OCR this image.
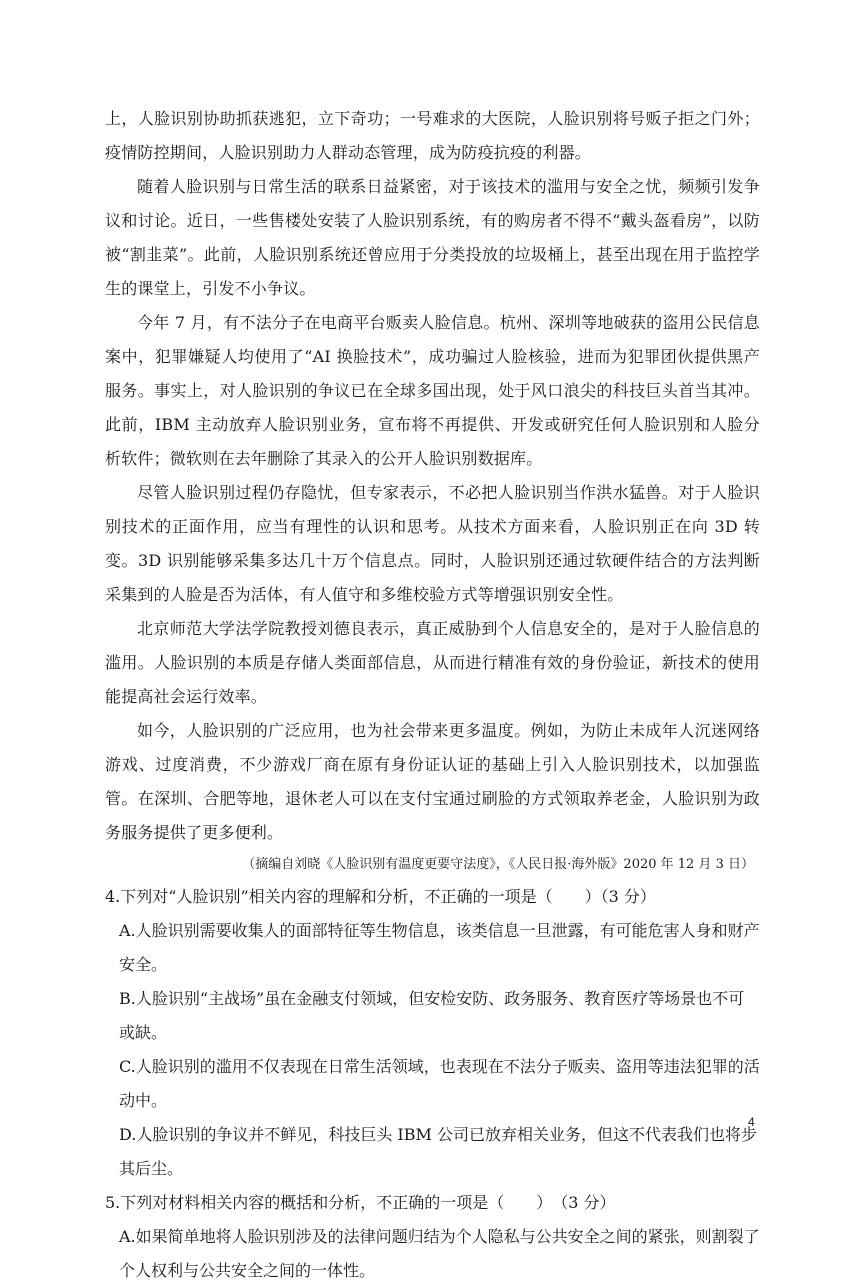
上，人脸识别协助抓获逃犯，立下奇功；一号难求的大医院，人脸识别将号贩子拒之门外；疫情防控期间，人脸识别助力人群动态管理，成为防疫抗疫的利器。

随着人脸识别与日常生活的联系日益紧密，对于该技术的滥用与安全之忧，频频引发争议和讨论。近日，一些售楼处安装了人脸识别系统，有的购房者不得不“戴头盔看房”，以防被“割韭菜”。此前，人脸识别系统还曾应用于分类投放的垃圾桶上，甚至出现在用于监控学生的课堂上，引发不小争议。

今年 7 月，有不法分子在电商平台贩卖人脸信息。杭州、深圳等地破获的盗用公民信息案中，犯罪嫌疑人均使用了“AI 换脸技术”，成功骗过人脸核验，进而为犯罪团伙提供黑产服务。事实上，对人脸识别的争议已在全球多国出现，处于风口浪尖的科技巨头首当其冲。此前，IBM 主动放弃人脸识别业务，宣布将不再提供、开发或研究任何人脸识别和人脸分析软件；微软则在去年删除了其录入的公开人脸识别数据库。

尽管人脸识别过程仍存隐忧，但专家表示，不必把人脸识别当作洪水猛兽。对于人脸识别技术的正面作用，应当有理性的认识和思考。从技术方面来看，人脸识别正在向 3D 转变。3D 识别能够采集多达几十万个信息点。同时，人脸识别还通过软硬件结合的方法判断采集到的人脸是否为活体，有人值守和多维校验方式等增强识别安全性。

北京师范大学法学院教授刘德良表示，真正威胁到个人信息安全的，是对于人脸信息的滥用。人脸识别的本质是存储人类面部信息，从而进行精准有效的身份验证，新技术的使用能提高社会运行效率。

如今，人脸识别的广泛应用，也为社会带来更多温度。例如，为防止未成年人沉迷网络游戏、过度消费，不少游戏厂商在原有身份证认证的基础上引入人脸识别技术，以加强监管。在深圳、合肥等地，退休老人可以在支付宝通过刷脸的方式领取养老金，人脸识别为政务服务提供了更多便利。

（摘编自刘晓《人脸识别有温度更要守法度》，《人民日报·海外版》2020 年 12 月 3 日）

4.下列对“人脸识别”相关内容的理解和分析，不正确的一项是（　　）（3 分）

A.人脸识别需要收集人的面部特征等生物信息，该类信息一旦泄露，有可能危害人身和财产安全。

B.人脸识别“主战场”虽在金融支付领域，但安检安防、政务服务、教育医疗等场景也不可或缺。

C.人脸识别的滥用不仅表现在日常生活领域，也表现在不法分子贩卖、盗用等违法犯罪的活动中。

D.人脸识别的争议并不鲜见，科技巨头 IBM 公司已放弃相关业务，但这不代表我们也将步其后尘。

5.下列对材料相关内容的概括和分析，不正确的一项是（　　）　（3 分）

A.如果简单地将人脸识别涉及的法律问题归结为个人隐私与公共安全之间的紧张，则割裂了个人权利与公共安全之间的一体性。

4
